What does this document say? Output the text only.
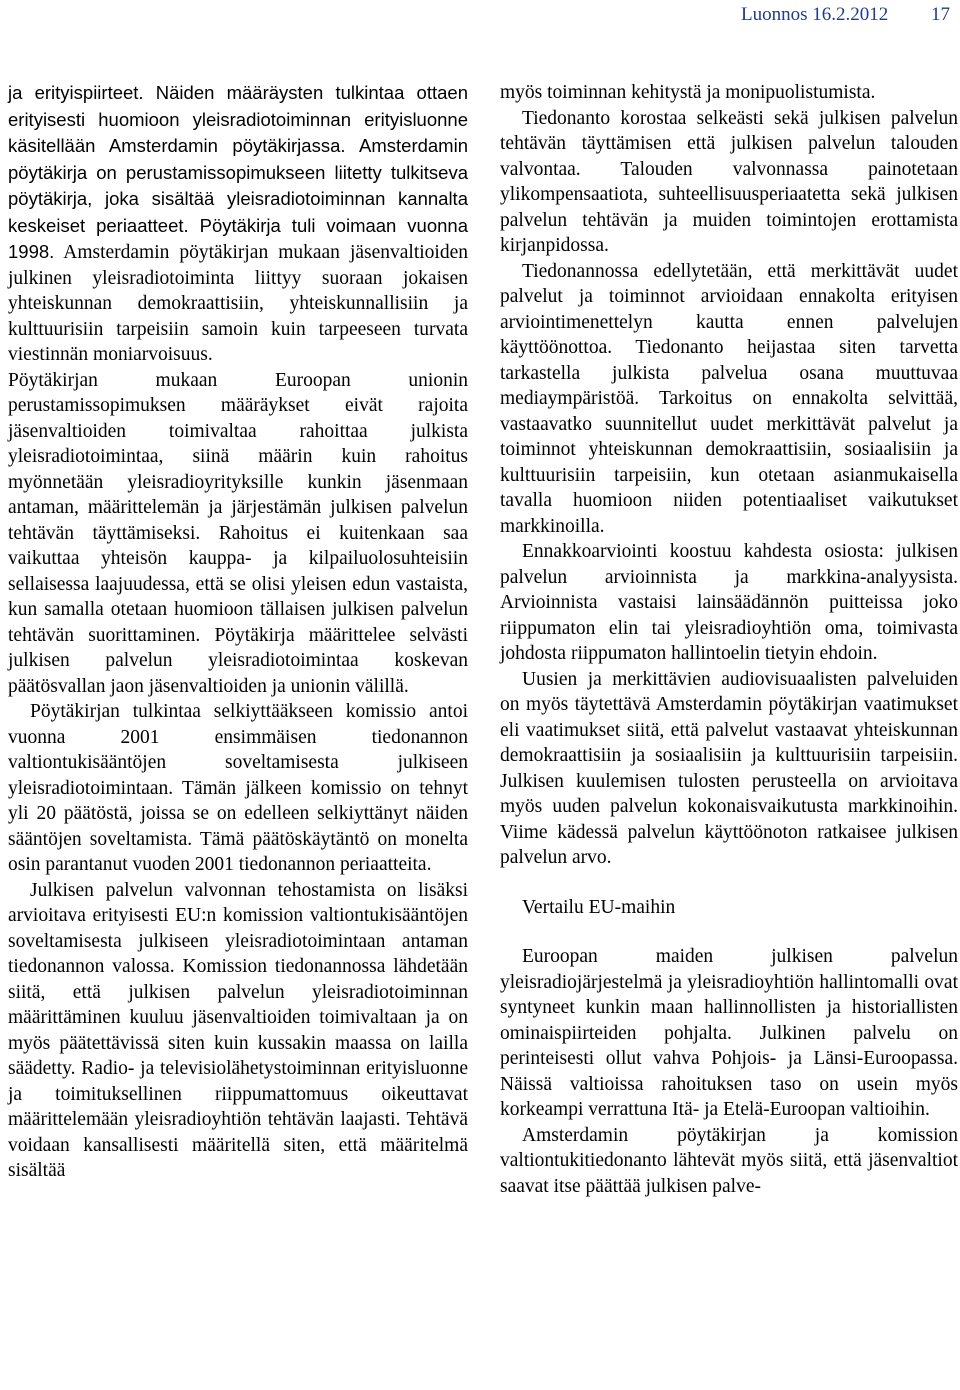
Luonnos 16.2.2012 17

ja erityispiirteet. Näiden määräysten tulkintaa ottaen erityisesti huomioon yleisradiotoiminnan erityisluonne käsitellään Amsterdamin pöytäkirjassa. Amsterdamin pöytäkirja on perustamissopimukseen liitetty tulkitseva pöytäkirja, joka sisältää yleisradiotoiminnan kannalta keskeiset periaatteet. Pöytäkirja tuli voimaan vuonna 1998. Amsterdamin pöytäkirjan mukaan jäsenvaltioiden julkinen yleisradiotoiminta liittyy suoraan jokaisen yhteiskunnan demokraattisiin, yhteiskunnallisiin ja kulttuurisiin tarpeisiin samoin kuin tarpeeseen turvata viestinnän moniarvoisuus.

Pöytäkirjan mukaan Euroopan unionin perustamissopimuksen määräykset eivät rajoita jäsenvaltioiden toimivaltaa rahoittaa julkista yleisradiotoimintaa, siinä määrin kuin rahoitus myönnetään yleisradioyrityksille kunkin jäsenmaan antaman, määrittelemän ja järjestämän julkisen palvelun tehtävän täyttämiseksi. Rahoitus ei kuitenkaan saa vaikuttaa yhteisön kauppa- ja kilpailuolosuhteisiin sellaisessa laajuudessa, että se olisi yleisen edun vastaista, kun samalla otetaan huomioon tällaisen julkisen palvelun tehtävän suorittaminen. Pöytäkirja määrittelee selvästi julkisen palvelun yleisradiotoimintaa koskevan päätösvallan jaon jäsenvaltioiden ja unionin välillä.

Pöytäkirjan tulkintaa selkiyttääkseen komissio antoi vuonna 2001 ensimmäisen tiedonannon valtiontukisääntöjen soveltamisesta julkiseen yleisradiotoimintaan. Tämän jälkeen komissio on tehnyt yli 20 päätöstä, joissa se on edelleen selkiyttänyt näiden sääntöjen soveltamista. Tämä päätöskäytäntö on monelta osin parantanut vuoden 2001 tiedonannon periaatteita.

Julkisen palvelun valvonnan tehostamista on lisäksi arvioitava erityisesti EU:n komission valtiontukisääntöjen soveltamisesta julkiseen yleisradiotoimintaan antaman tiedonannon valossa. Komission tiedonannossa lähdetään siitä, että julkisen palvelun yleisradiotoiminnan määrittäminen kuuluu jäsenvaltioiden toimivaltaan ja on myös päätettävissä siten kuin kussakin maassa on lailla säädetty. Radio- ja televisiolähetystoiminnan erityisluonne ja toimituksellinen riippumattomuus oikeuttavat määrittelemään yleisradioyhtiön tehtävän laajasti. Tehtävä voidaan kansallisesti määritellä siten, että määritelmä sisältää

myös toiminnan kehitystä ja monipuolistumista.

Tiedonanto korostaa selkeästi sekä julkisen palvelun tehtävän täyttämisen että julkisen palvelun talouden valvontaa. Talouden valvonnassa painotetaan ylikompensaatiota, suhteellisuusperiaatetta sekä julkisen palvelun tehtävän ja muiden toimintojen erottamista kirjanpidossa.

Tiedonannossa edellytetään, että merkittävät uudet palvelut ja toiminnot arvioidaan ennakolta erityisen arviointimenettelyn kautta ennen palvelujen käyttöönottoa. Tiedonanto heijastaa siten tarvetta tarkastella julkista palvelua osana muuttuvaa mediaympäristöä. Tarkoitus on ennakolta selvittää, vastaavatko suunnitellut uudet merkittävät palvelut ja toiminnot yhteiskunnan demokraattisiin, sosiaalisiin ja kulttuurisiin tarpeisiin, kun otetaan asianmukaisella tavalla huomioon niiden potentiaaliset vaikutukset markkinoilla.

Ennakkoarviointi koostuu kahdesta osiosta: julkisen palvelun arvioinnista ja markkina-analyysista. Arvioinnista vastaisi lainsäädännön puitteissa joko riippumaton elin tai yleisradioyhtiön oma, toimivasta johdosta riippumaton hallintoelin tietyin ehdoin.

Uusien ja merkittävien audiovisuaalisten palveluiden on myös täytettävä Amsterdamin pöytäkirjan vaatimukset eli vaatimukset siitä, että palvelut vastaavat yhteiskunnan demokraattisiin ja sosiaalisiin ja kulttuurisiin tarpeisiin. Julkisen kuulemisen tulosten perusteella on arvioitava myös uuden palvelun kokonaisvaikutusta markkinoihin. Viime kädessä palvelun käyttöönoton ratkaisee julkisen palvelun arvo.

Vertailu EU-maihin

Euroopan maiden julkisen palvelun yleisradiojärjestelmä ja yleisradioyhtiön hallintomalli ovat syntyneet kunkin maan hallinnollisten ja historiallisten ominaispiirteiden pohjalta. Julkinen palvelu on perinteisesti ollut vahva Pohjois- ja Länsi-Euroopassa. Näissä valtioissa rahoituksen taso on usein myös korkeampi verrattuna Itä- ja Etelä-Euroopan valtioihin.

Amsterdamin pöytäkirjan ja komission valtiontukitiedonanto lähtevät myös siitä, että jäsenvaltiot saavat itse päättää julkisen palve-
